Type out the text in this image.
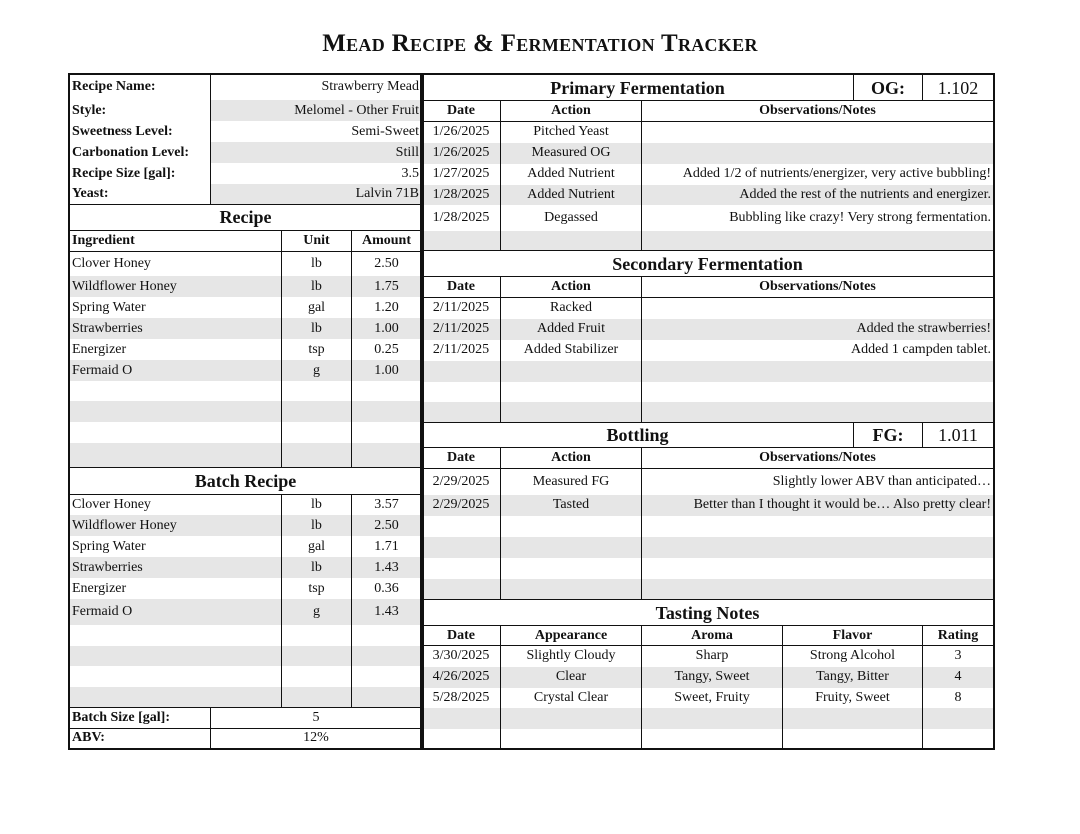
Mead Recipe & Fermentation Tracker
Recipe Name:	Strawberry Mead		
Style:	Melomel - Other Fruit		
Sweetness Level:	Semi-Sweet		
Carbonation Level:	Still		
Recipe Size [gal]:	3.5		
Yeast:	Lalvin 71B		
Recipe			
Ingredient		Unit	Amount
Clover Honey		lb	2.50
Wildflower Honey		lb	1.75
Spring Water		gal	1.20
Strawberries		lb	1.00
Energizer		tsp	0.25
Fermaid O		g	1.00

Batch Recipe			
Clover Honey		lb	3.57
Wildflower Honey		lb	2.50
Spring Water		gal	1.71
Strawberries		lb	1.43
Energizer		tsp	0.36
Fermaid O		g	1.43

Batch Size [gal]:	5		
ABV:	12%		
Primary Fermentation				OG:	1.102
Date	Action	Observations/Notes			
1/26/2025	Pitched Yeast				
1/26/2025	Measured OG				
1/27/2025	Added Nutrient	Added 1/2 of nutrients/energizer, very active bubbling!			
1/28/2025	Added Nutrient	Added the rest of the nutrients and energizer.			
1/28/2025	Degassed	Bubbling like crazy! Very strong fermentation.			

Secondary Fermentation					
Date	Action	Observations/Notes			
2/11/2025	Racked				
2/11/2025	Added Fruit	Added the strawberries!			
2/11/2025	Added Stabilizer	Added 1 campden tablet.			

Bottling				FG:	1.011
Date	Action	Observations/Notes			
2/29/2025	Measured FG	Slightly lower ABV than anticipated…			
2/29/2025	Tasted	Better than I thought it would be… Also pretty clear!			

Tasting Notes					
Date	Appearance	Aroma	Flavor		Rating
3/30/2025	Slightly Cloudy	Sharp	Strong Alcohol		3
4/26/2025	Clear	Tangy, Sweet	Tangy, Bitter		4
5/28/2025	Crystal Clear	Sweet, Fruity	Fruity, Sweet		8
